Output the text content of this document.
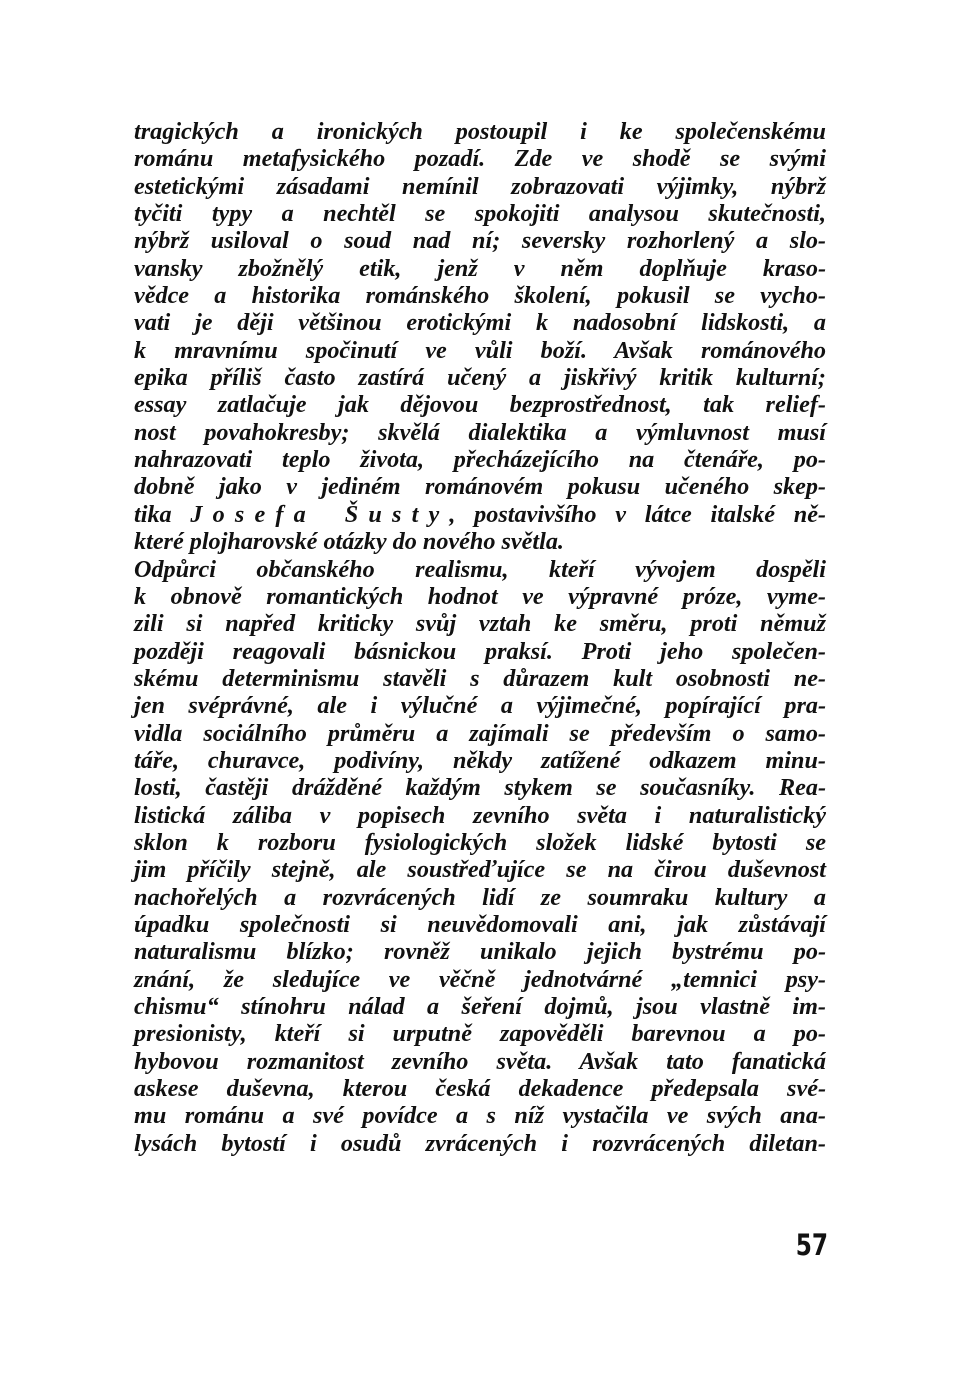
tragických a ironických postoupil i ke společenskému
románu metafysického pozadí. Zde ve shodě se svými
estetickými zásadami nemínil zobrazovati výjimky, nýbrž
tyčiti typy a nechtěl se spokojiti analysou skutečnosti,
nýbrž usiloval o soud nad ní; seversky rozhorlený a slo-
vansky zbožnělý etik, jenž v něm doplňuje kraso-
vědce a historika románského školení, pokusil se vycho-
vati je ději většinou erotickými k nadosobní lidskosti, a
k mravnímu spočinutí ve vůli boží. Avšak románového
epika příliš často zastírá učený a jiskřivý kritik kulturní;
essay zatlačuje jak dějovou bezprostřednost, tak relief-
nost povahokresby; skvělá dialektika a výmluvnost musí
nahrazovati teplo života, přecházejícího na čtenáře, po-
dobně jako v jediném románovém pokusu učeného skep-
tika Josefa Šusty, postavivšího v látce italské ně-
které plojharovské otázky do nového světla.
Odpůrci občanského realismu, kteří vývojem dospěli
k obnově romantických hodnot ve výpravné próze, vyme-
zili si napřed kriticky svůj vztah ke směru, proti němuž
později reagovali básnickou praksí. Proti jeho společen-
skému determinismu stavěli s důrazem kult osobnosti ne-
jen svéprávné, ale i výlučné a výjimečné, popírající pra-
vidla sociálního průměru a zajímali se především o samo-
táře, churavce, podivíny, někdy zatížené odkazem minu-
losti, častěji drážděné každým stykem se současníky. Rea-
listická záliba v popisech zevního světa i naturalistický
sklon k rozboru fysiologických složek lidské bytosti se
jim příčily stejně, ale soustřeďujíce se na čirou duševnost
nachořelých a rozvrácených lidí ze soumraku kultury a
úpadku společnosti si neuvědomovali ani, jak zůstávají
naturalismu blízko; rovněž unikalo jejich bystrému po-
znání, že sledujíce ve věčně jednotvárné „temnici psy-
chismu“ stínohru nálad a šeření dojmů, jsou vlastně im-
presionisty, kteří si urputně zapověděli barevnou a po-
hybovou rozmanitost zevního světa. Avšak tato fanatická
askese duševna, kterou česká dekadence předepsala své-
mu románu a své povídce a s níž vystačila ve svých ana-
lysách bytostí i osudů zvrácených i rozvrácených diletan-
57
